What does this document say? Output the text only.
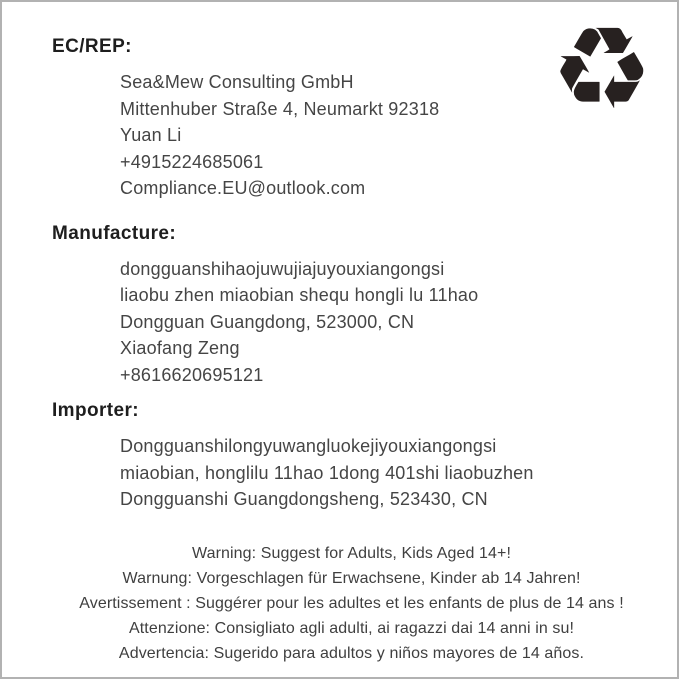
♻
EC/REP:
Sea&Mew Consulting GmbH
Mittenhuber Straße 4, Neumarkt 92318
Yuan Li
+4915224685061
Compliance.EU@outlook.com
Manufacture:
dongguanshihaojuwujiajuyouxiangongsi
liaobu zhen miaobian shequ hongli lu 11hao
Dongguan Guangdong, 523000, CN
Xiaofang Zeng
+8616620695121
Importer:
Dongguanshilongyuwangluokejiyouxiangongsi
miaobian, honglilu 11hao 1dong 401shi liaobuzhen
Dongguanshi Guangdongsheng, 523430, CN
Warning: Suggest for Adults, Kids Aged 14+!
Warnung: Vorgeschlagen für Erwachsene, Kinder ab 14 Jahren!
Avertissement : Suggérer pour les adultes et les enfants de plus de 14 ans !
Attenzione: Consigliato agli adulti, ai ragazzi dai 14 anni in su!
Advertencia: Sugerido para adultos y niños mayores de 14 años.
